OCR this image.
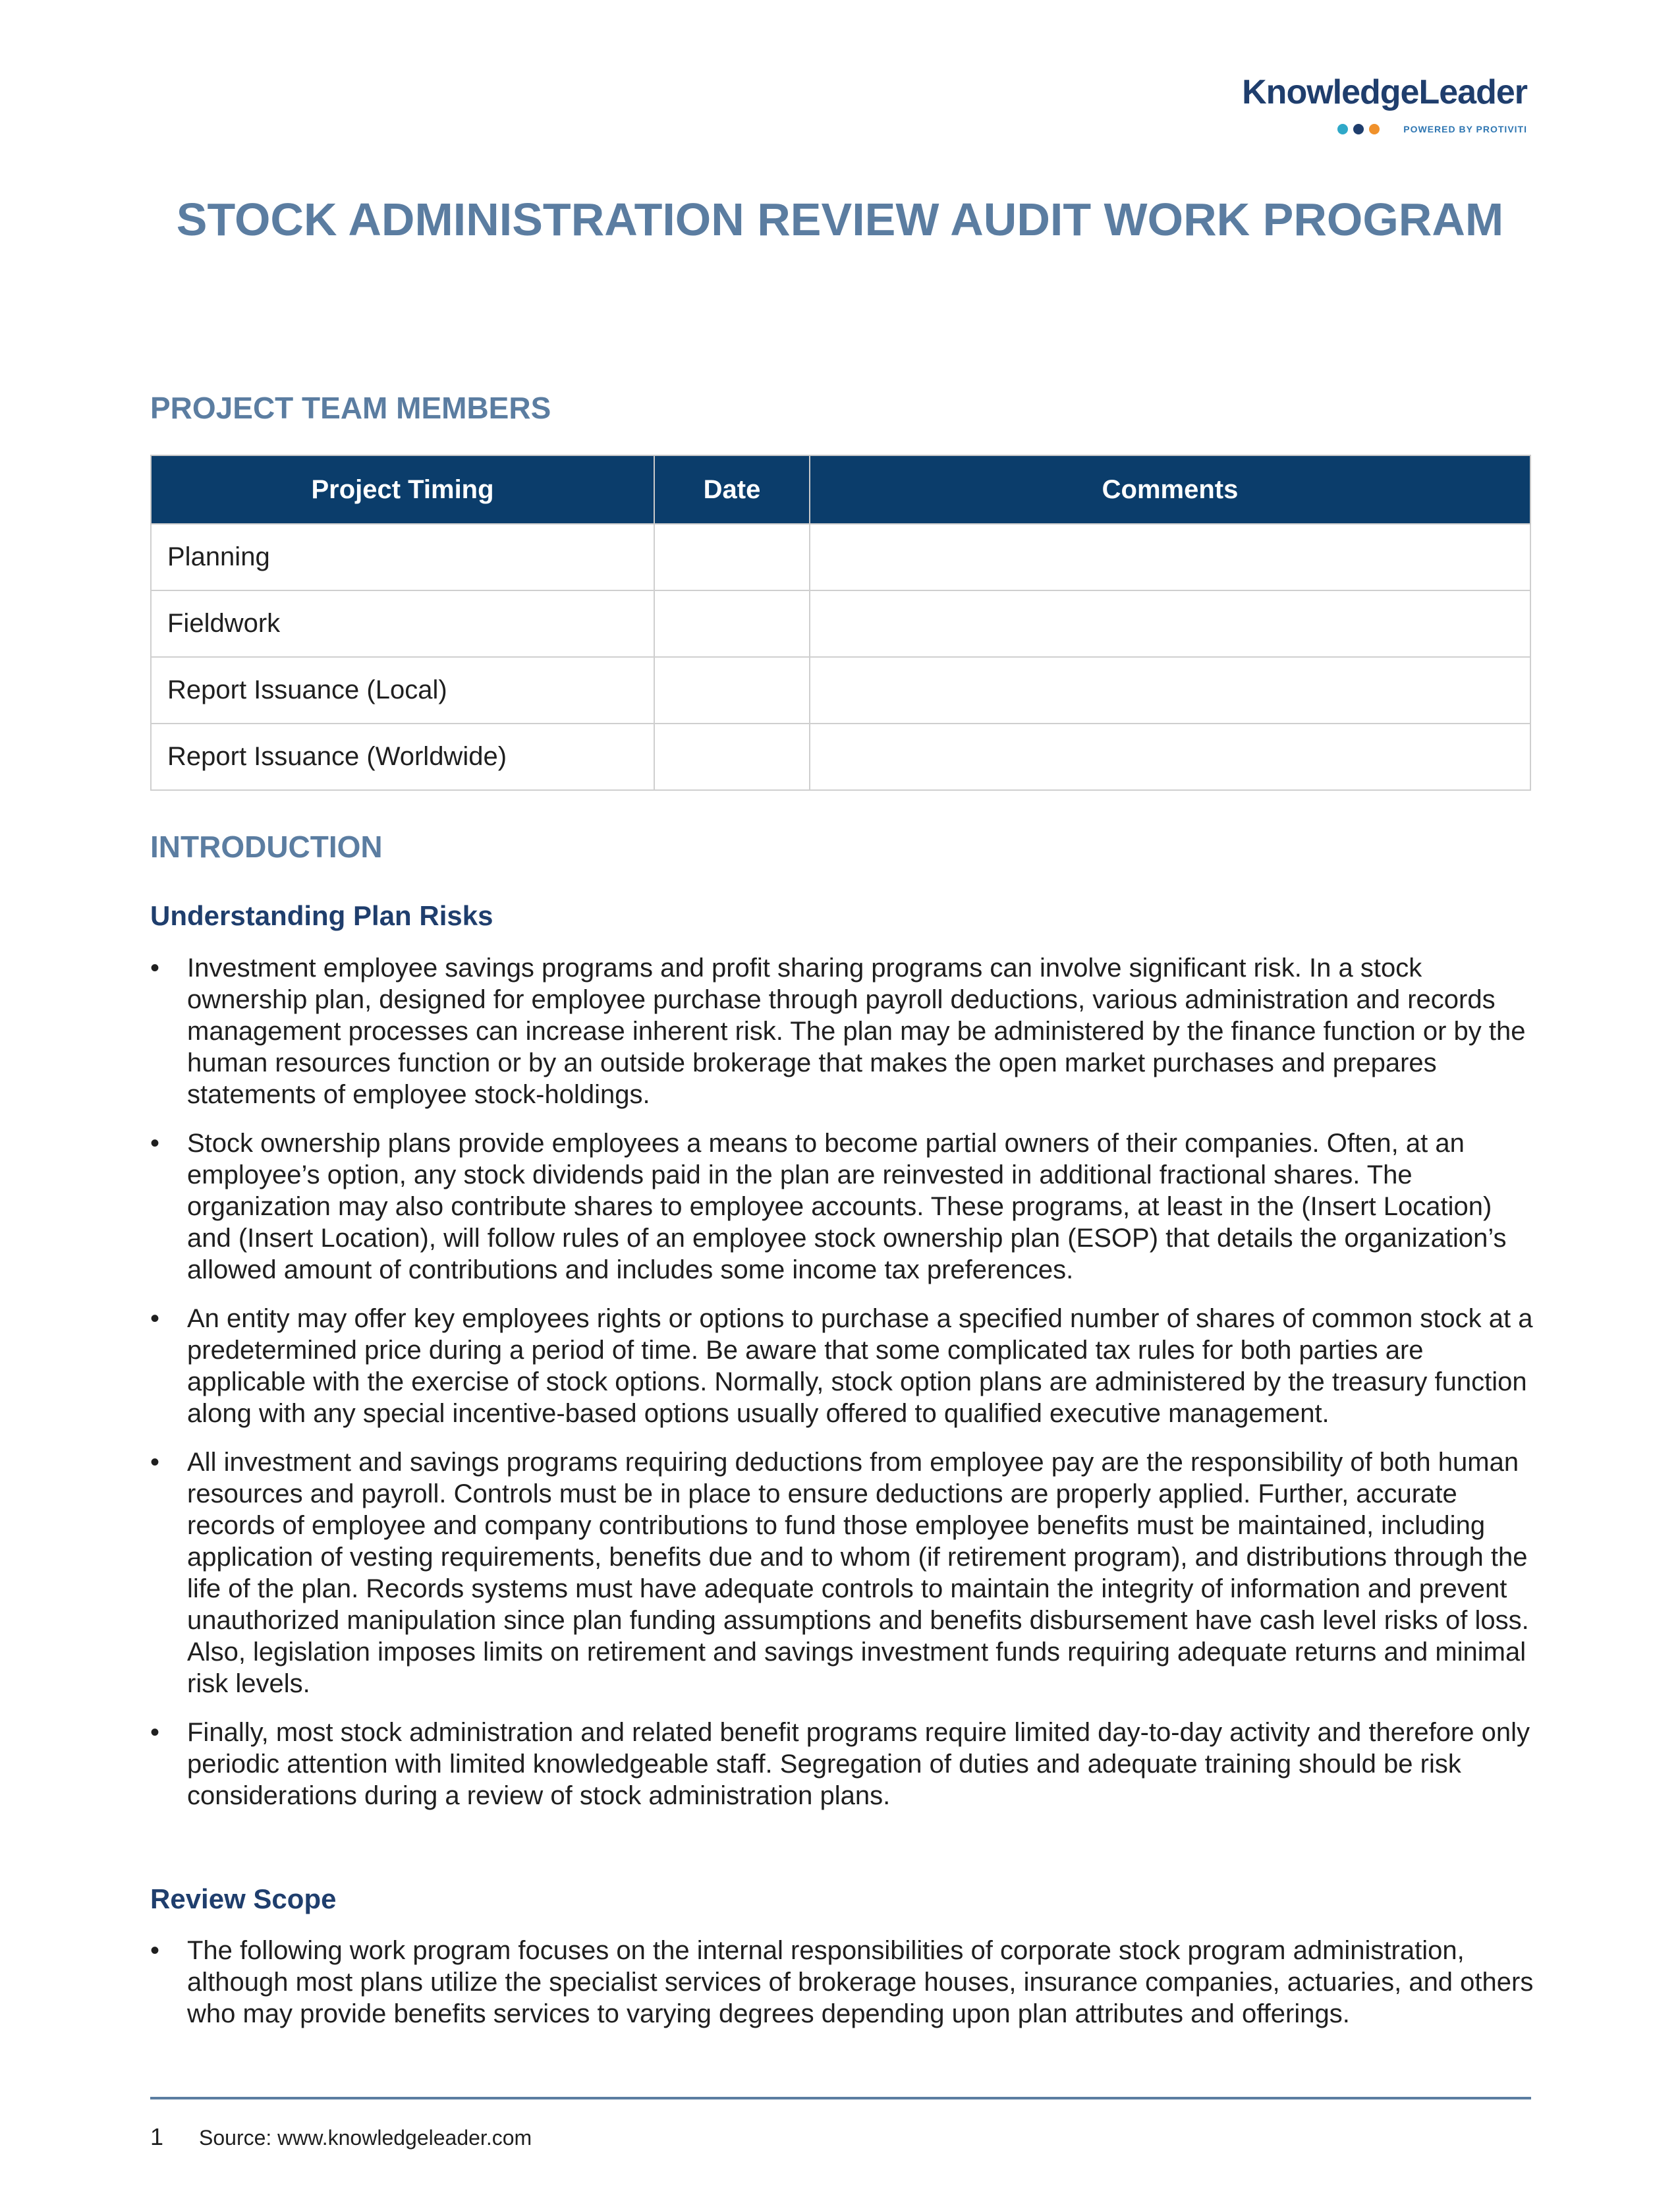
KnowledgeLeader
POWERED BY PROTIVITI
STOCK ADMINISTRATION REVIEW AUDIT WORK PROGRAM
PROJECT TEAM MEMBERS
Project Timing	Date	Comments
Planning		
Fieldwork		
Report Issuance (Local)		
Report Issuance (Worldwide)		
INTRODUCTION
Understanding Plan Risks
• Investment employee savings programs and profit sharing programs can involve significant risk. In a stock ownership plan, designed for employee purchase through payroll deductions, various administration and records management processes can increase inherent risk. The plan may be administered by the finance function or by the human resources function or by an outside brokerage that makes the open market purchases and prepares statements of employee stock-holdings.
• Stock ownership plans provide employees a means to become partial owners of their companies. Often, at an employee’s option, any stock dividends paid in the plan are reinvested in additional fractional shares. The organization may also contribute shares to employee accounts. These programs, at least in the (Insert Location) and (Insert Location), will follow rules of an employee stock ownership plan (ESOP) that details the organization’s allowed amount of contributions and includes some income tax preferences.
• An entity may offer key employees rights or options to purchase a specified number of shares of common stock at a predetermined price during a period of time. Be aware that some complicated tax rules for both parties are applicable with the exercise of stock options. Normally, stock option plans are administered by the treasury function along with any special incentive-based options usually offered to qualified executive management.
• All investment and savings programs requiring deductions from employee pay are the responsibility of both human resources and payroll. Controls must be in place to ensure deductions are properly applied. Further, accurate records of employee and company contributions to fund those employee benefits must be maintained, including application of vesting requirements, benefits due and to whom (if retirement program), and distributions through the life of the plan. Records systems must have adequate controls to maintain the integrity of information and prevent unauthorized manipulation since plan funding assumptions and benefits disbursement have cash level risks of loss. Also, legislation imposes limits on retirement and savings investment funds requiring adequate returns and minimal risk levels.
• Finally, most stock administration and related benefit programs require limited day-to-day activity and therefore only periodic attention with limited knowledgeable staff. Segregation of duties and adequate training should be risk considerations during a review of stock administration plans.
Review Scope
• The following work program focuses on the internal responsibilities of corporate stock program administration, although most plans utilize the specialist services of brokerage houses, insurance companies, actuaries, and others who may provide benefits services to varying degrees depending upon plan attributes and offerings.
1 Source: www.knowledgeleader.com
